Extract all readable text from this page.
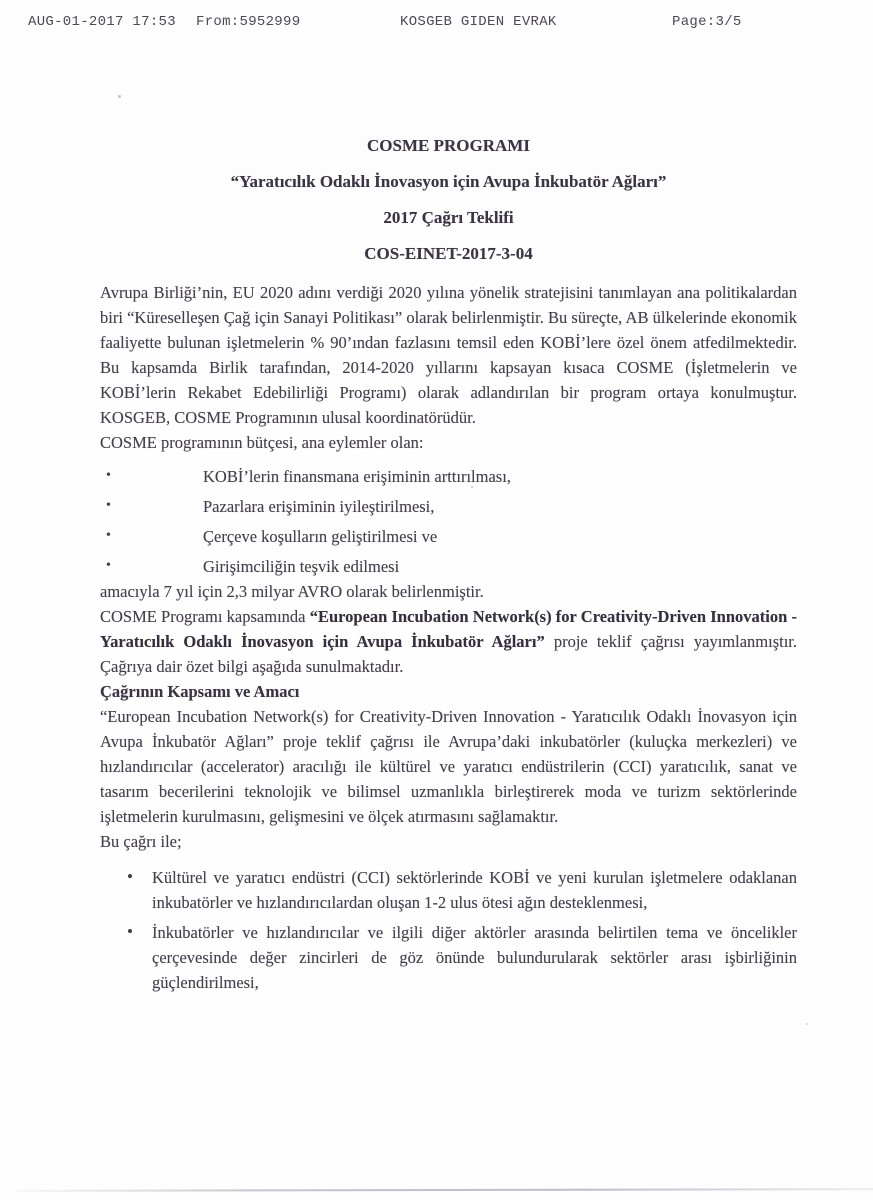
AUG-01-2017 17:53 From:5952999	KOSGEB GIDEN EVRAK	Page:3/5
COSME PROGRAMI
“Yaratıcılık Odaklı İnovasyon için Avupa İnkubatör Ağları”
2017 Çağrı Teklifi
COS-EINET-2017-3-04

Avrupa Birliği’nin, EU 2020 adını verdiği 2020 yılına yönelik stratejisini tanımlayan ana politikalardan biri “Küreselleşen Çağ için Sanayi Politikası” olarak belirlenmiştir. Bu süreçte, AB ülkelerinde ekonomik faaliyette bulunan işletmelerin % 90’ından fazlasını temsil eden KOBİ’lere özel önem atfedilmektedir. Bu kapsamda Birlik tarafından, 2014-2020 yıllarını kapsayan kısaca COSME (İşletmelerin ve KOBİ’lerin Rekabet Edebilirliği Programı) olarak adlandırılan bir program ortaya konulmuştur. KOSGEB, COSME Programının ulusal koordinatörüdür.

COSME programının bütçesi, ana eylemler olan:

•	KOBİ’lerin finansmana erişiminin arttırılması,
•	Pazarlara erişiminin iyileştirilmesi,
•	Çerçeve koşulların geliştirilmesi ve
•	Girişimciliğin teşvik edilmesi

amacıyla 7 yıl için 2,3 milyar AVRO olarak belirlenmiştir.

COSME Programı kapsamında “European Incubation Network(s) for Creativity-Driven Innovation - Yaratıcılık Odaklı İnovasyon için Avupa İnkubatör Ağları” proje teklif çağrısı yayımlanmıştır. Çağrıya dair özet bilgi aşağıda sunulmaktadır.

Çağrının Kapsamı ve Amacı

“European Incubation Network(s) for Creativity-Driven Innovation - Yaratıcılık Odaklı İnovasyon için Avupa İnkubatör Ağları” proje teklif çağrısı ile Avrupa’daki inkubatörler (kuluçka merkezleri) ve hızlandırıcılar (accelerator) aracılığı ile kültürel ve yaratıcı endüstrilerin (CCI) yaratıcılık, sanat ve tasarım becerilerini teknolojik ve bilimsel uzmanlıkla birleştirerek moda ve turizm sektörlerinde işletmelerin kurulmasını, gelişmesini ve ölçek atırmasını sağlamaktır.

Bu çağrı ile;

• Kültürel ve yaratıcı endüstri (CCI) sektörlerinde KOBİ ve yeni kurulan işletmelere odaklanan inkubatörler ve hızlandırıcılardan oluşan 1-2 ulus ötesi ağın desteklenmesi,
• İnkubatörler ve hızlandırıcılar ve ilgili diğer aktörler arasında belirtilen tema ve öncelikler çerçevesinde değer zincirleri de göz önünde bulundurularak sektörler arası işbirliğinin güçlendirilmesi,
